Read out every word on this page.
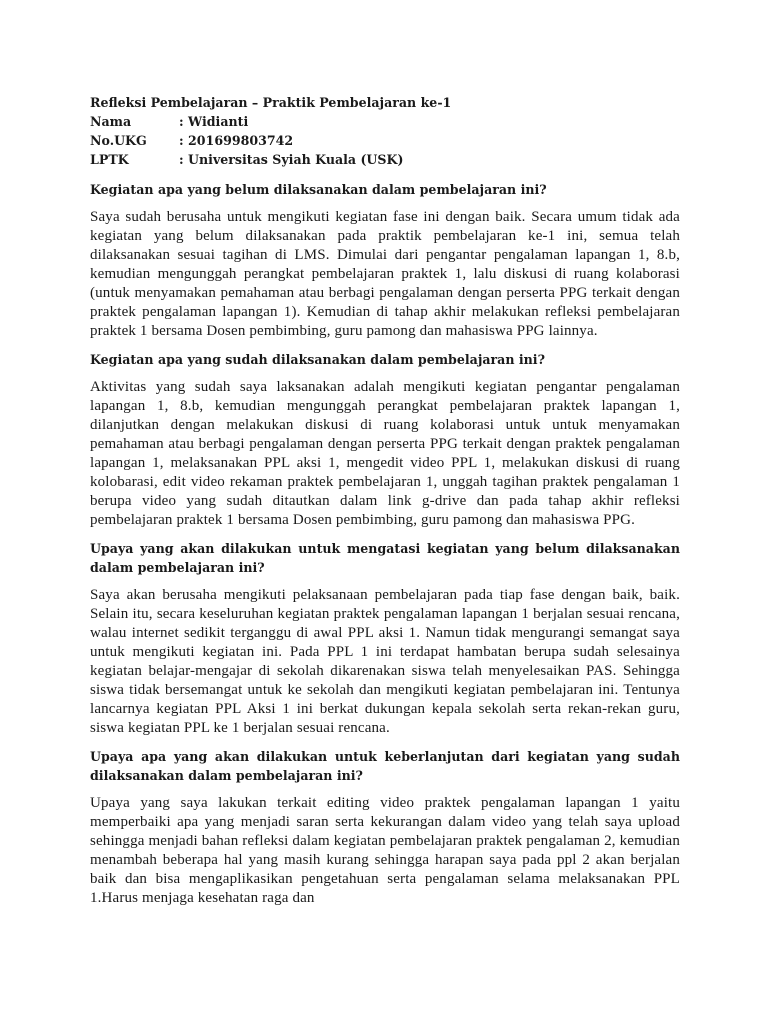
Refleksi Pembelajaran – Praktik Pembelajaran ke-1
Nama	: Widianti
No.UKG	: 201699803742
LPTK	: Universitas Syiah Kuala (USK)

Kegiatan apa yang belum dilaksanakan dalam pembelajaran ini?

Saya sudah berusaha untuk mengikuti kegiatan fase ini dengan baik. Secara umum tidak ada kegiatan yang belum dilaksanakan pada praktik pembelajaran ke-1 ini, semua telah dilaksanakan sesuai tagihan di LMS. Dimulai dari pengantar pengalaman lapangan 1, 8.b, kemudian mengunggah perangkat pembelajaran praktek 1, lalu diskusi di ruang kolaborasi (untuk menyamakan pemahaman atau berbagi pengalaman dengan perserta PPG terkait dengan praktek pengalaman lapangan 1). Kemudian di tahap akhir melakukan refleksi pembelajaran praktek 1 bersama Dosen pembimbing, guru pamong dan mahasiswa PPG lainnya.

Kegiatan apa yang sudah dilaksanakan dalam pembelajaran ini?

Aktivitas yang sudah saya laksanakan adalah mengikuti kegiatan pengantar pengalaman lapangan 1, 8.b, kemudian mengunggah perangkat pembelajaran praktek lapangan 1, dilanjutkan dengan melakukan diskusi di ruang kolaborasi untuk untuk menyamakan pemahaman atau berbagi pengalaman dengan perserta PPG terkait dengan praktek pengalaman lapangan 1, melaksanakan PPL aksi 1, mengedit video PPL 1, melakukan diskusi di ruang kolobarasi, edit video rekaman praktek pembelajaran 1, unggah tagihan praktek pengalaman 1 berupa video yang sudah ditautkan dalam link g-drive dan pada tahap akhir refleksi pembelajaran praktek 1 bersama Dosen pembimbing, guru pamong dan mahasiswa PPG.

Upaya yang akan dilakukan untuk mengatasi kegiatan yang belum dilaksanakan dalam pembelajaran ini?

Saya akan berusaha mengikuti pelaksanaan pembelajaran pada tiap fase dengan baik, baik. Selain itu, secara keseluruhan kegiatan praktek pengalaman lapangan 1 berjalan sesuai rencana, walau internet sedikit terganggu di awal PPL aksi 1. Namun tidak mengurangi semangat saya untuk mengikuti kegiatan ini. Pada PPL 1 ini terdapat hambatan berupa sudah selesainya kegiatan belajar-mengajar di sekolah dikarenakan siswa telah menyelesaikan PAS. Sehingga siswa tidak bersemangat untuk ke sekolah dan mengikuti kegiatan pembelajaran ini. Tentunya lancarnya kegiatan PPL Aksi 1 ini berkat dukungan kepala sekolah serta rekan-rekan guru, siswa kegiatan PPL ke 1 berjalan sesuai rencana.

Upaya apa yang akan dilakukan untuk keberlanjutan dari kegiatan yang sudah dilaksanakan dalam pembelajaran ini?

Upaya yang saya lakukan terkait editing video praktek pengalaman lapangan 1 yaitu memperbaiki apa yang menjadi saran serta kekurangan dalam video yang telah saya upload sehingga menjadi bahan refleksi dalam kegiatan pembelajaran praktek pengalaman 2, kemudian menambah beberapa hal yang masih kurang sehingga harapan saya pada ppl 2 akan berjalan baik dan bisa mengaplikasikan pengetahuan serta pengalaman selama melaksanakan PPL 1.Harus menjaga kesehatan raga dan
